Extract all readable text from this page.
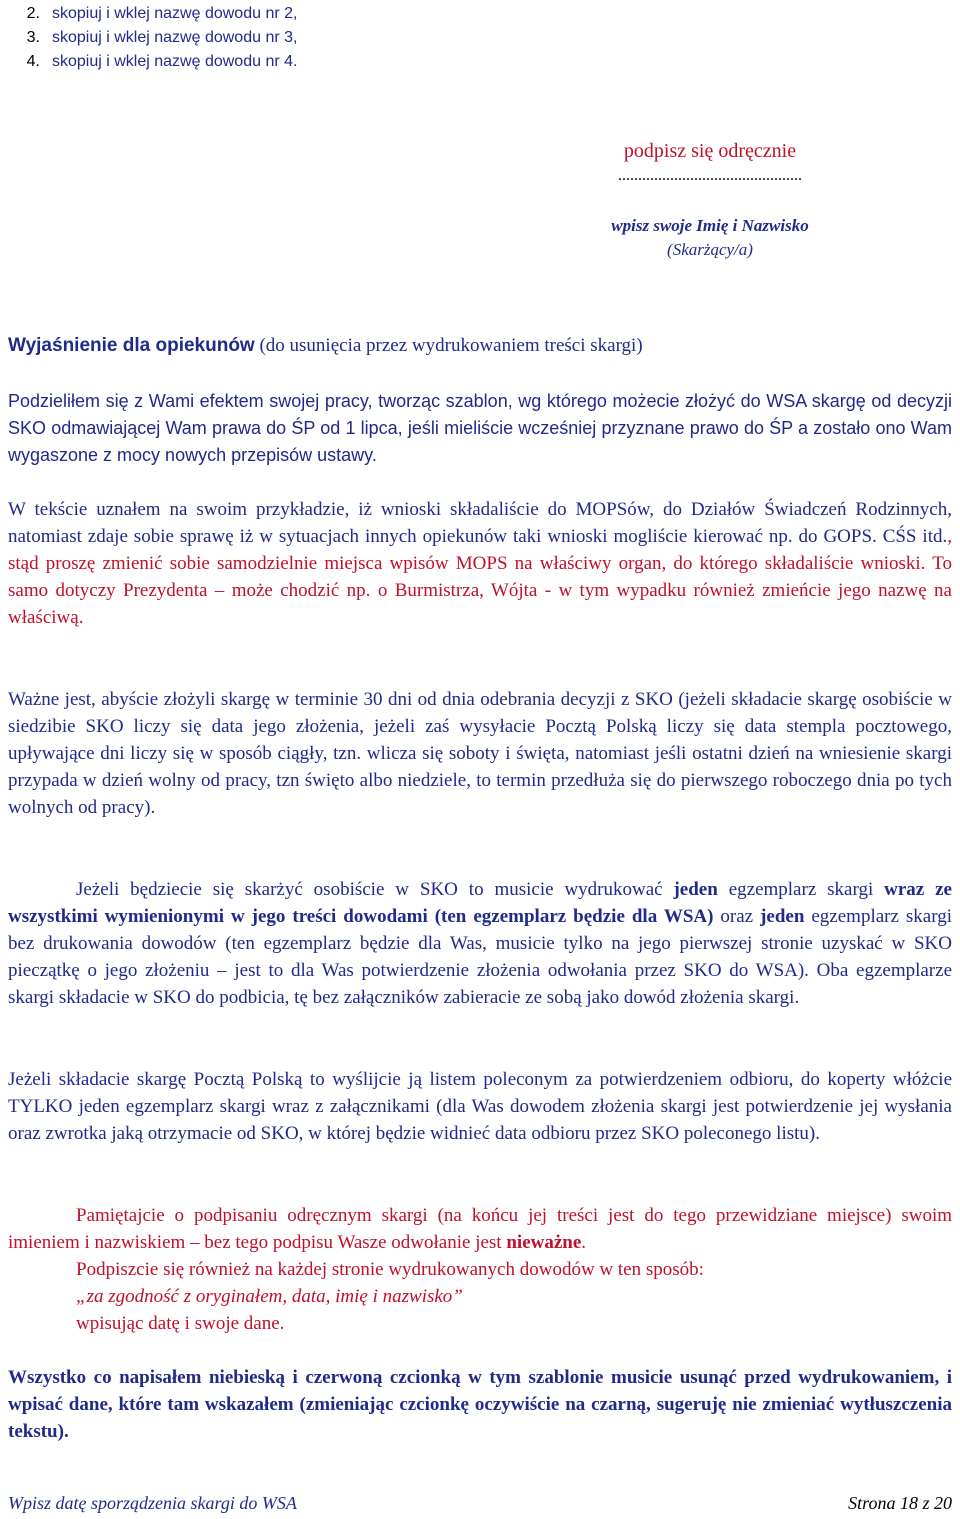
2. skopiuj i wklej nazwę dowodu nr 2,
3. skopiuj i wklej nazwę dowodu nr 3,
4. skopiuj i wklej nazwę dowodu nr 4.
podpisz się odręcznie
..............................................
wpisz swoje Imię i Nazwisko
(Skarżący/a)
Wyjaśnienie dla opiekunów (do usunięcia przez wydrukowaniem treści skargi)

Podzieliłem się z Wami efektem swojej pracy, tworząc szablon, wg którego możecie złożyć do WSA skargę od decyzji SKO odmawiającej Wam prawa do ŚP od 1 lipca, jeśli mieliście wcześniej przyznane prawo do ŚP a zostało ono Wam wygaszone z mocy nowych przepisów ustawy.

W tekście uznałem na swoim przykładzie, iż wnioski składaliście do MOPSów, do Działów Świadczeń Rodzinnych, natomiast zdaje sobie sprawę iż w sytuacjach innych opiekunów taki wnioski mogliście kierować np. do GOPS. CŚS itd., stąd proszę zmienić sobie samodzielnie miejsca wpisów MOPS na właściwy organ, do którego składaliście wnioski. To samo dotyczy Prezydenta – może chodzić np. o Burmistrza, Wójta - w tym wypadku również zmieńcie jego nazwę na właściwą.

Ważne jest, abyście złożyli skargę w terminie 30 dni od dnia odebrania decyzji z SKO (jeżeli składacie skargę osobiście w siedzibie SKO liczy się data jego złożenia, jeżeli zaś wysyłacie Pocztą Polską liczy się data stempla pocztowego, upływające dni liczy się w sposób ciągły, tzn. wlicza się soboty i święta, natomiast jeśli ostatni dzień na wniesienie skargi przypada w dzień wolny od pracy, tzn święto albo niedziele, to termin przedłuża się do pierwszego roboczego dnia po tych wolnych od pracy).

Jeżeli będziecie się skarżyć osobiście w SKO to musicie wydrukować jeden egzemplarz skargi wraz ze wszystkimi wymienionymi w jego treści dowodami (ten egzemplarz będzie dla WSA) oraz jeden egzemplarz skargi bez drukowania dowodów (ten egzemplarz będzie dla Was, musicie tylko na jego pierwszej stronie uzyskać w SKO pieczątkę o jego złożeniu – jest to dla Was potwierdzenie złożenia odwołania przez SKO do WSA). Oba egzemplarze skargi składacie w SKO do podbicia, tę bez załączników zabieracie ze sobą jako dowód złożenia skargi.

Jeżeli składacie skargę Pocztą Polską to wyślijcie ją listem poleconym za potwierdzeniem odbioru, do koperty włóżcie TYLKO jeden egzemplarz skargi wraz z załącznikami (dla Was dowodem złożenia skargi jest potwierdzenie jej wysłania oraz zwrotka jaką otrzymacie od SKO, w której będzie widnieć data odbioru przez SKO poleconego listu).

Pamiętajcie o podpisaniu odręcznym skargi (na końcu jej treści jest do tego przewidziane miejsce) swoim imieniem i nazwiskiem – bez tego podpisu Wasze odwołanie jest nieważne.

Podpiszcie się również na każdej stronie wydrukowanych dowodów w ten sposób:
„za zgodność z oryginałem, data, imię i nazwisko”
wpisując datę i swoje dane.

Wszystko co napisałem niebieską i czerwoną czcionką w tym szablonie musicie usunąć przed wydrukowaniem, i wpisać dane, które tam wskazałem (zmieniając czcionkę oczywiście na czarną, sugeruję nie zmieniać wytłuszczenia tekstu).

Wpisz datę sporządzenia skargi do WSA	Strona 18 z 20
